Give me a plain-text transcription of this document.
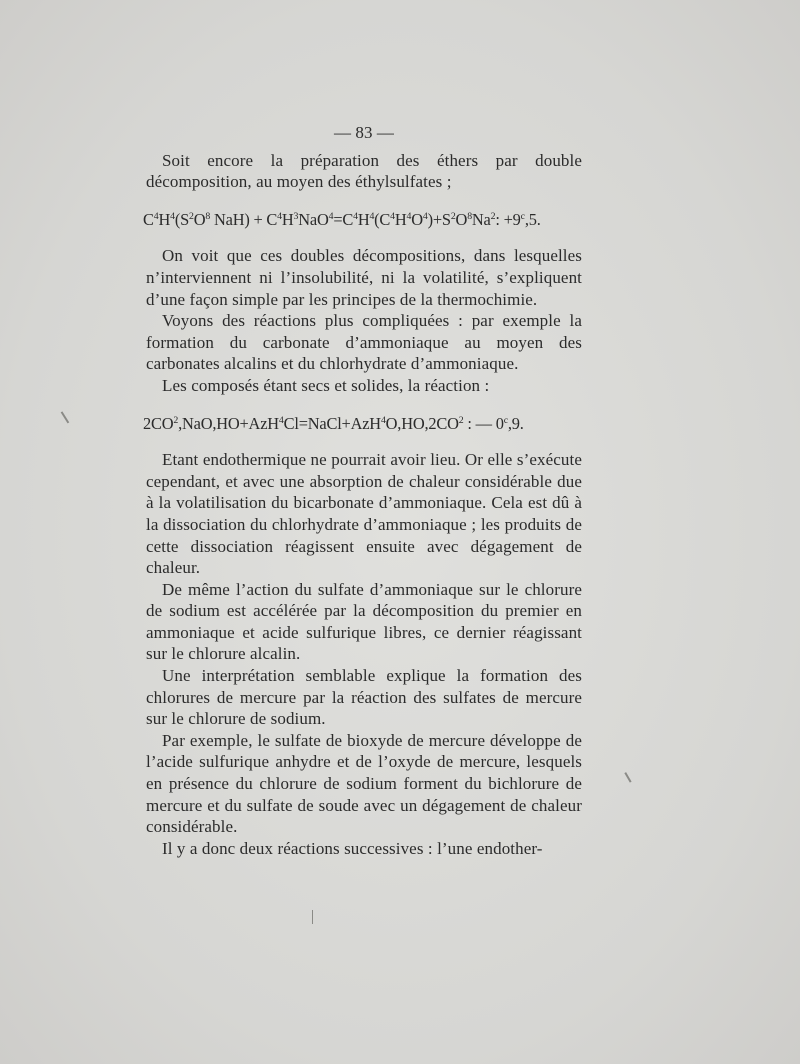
— 83 —

Soit encore la préparation des éthers par double décomposition, au moyen des éthylsulfates ;

$C^4H^4(S^2O^8$ $NaH) + C^4H^3NaO^4=C^4H^4(C^4H^4O^4)+S^2O^8Na^2$: $+9^c,5$.

On voit que ces doubles décompositions, dans lesquelles n’interviennent ni l’insolubilité, ni la volatilité, s’expliquent d’une façon simple par les principes de la thermochimie.

Voyons des réactions plus compliquées : par exemple la formation du carbonate d’ammoniaque au moyen des carbonates alcalins et du chlorhydrate d’ammoniaque.

Les composés étant secs et solides, la réaction :

$2CO^2,NaO,HO+AzH^4Cl=NaCl+AzH^4O,HO,2CO^2$ : — 0$^c$,9.

Etant endothermique ne pourrait avoir lieu. Or elle s’exécute cependant, et avec une absorption de chaleur considérable due à la volatilisation du bicarbonate d’ammoniaque. Cela est dû à la dissociation du chlorhydrate d’ammoniaque ; les produits de cette dissociation réagissent ensuite avec dégagement de chaleur.

De même l’action du sulfate d’ammoniaque sur le chlorure de sodium est accélérée par la décomposition du premier en ammoniaque et acide sulfurique libres, ce dernier réagissant sur le chlorure alcalin.

Une interprétation semblable explique la formation des chlorures de mercure par la réaction des sulfates de mercure sur le chlorure de sodium.

Par exemple, le sulfate de bioxyde de mercure développe de l’acide sulfurique anhydre et de l’oxyde de mercure, lesquels en présence du chlorure de sodium forment du bichlorure de mercure et du sulfate de soude avec un dégagement de chaleur considérable.

Il y a donc deux réactions successives : l’une endother-
